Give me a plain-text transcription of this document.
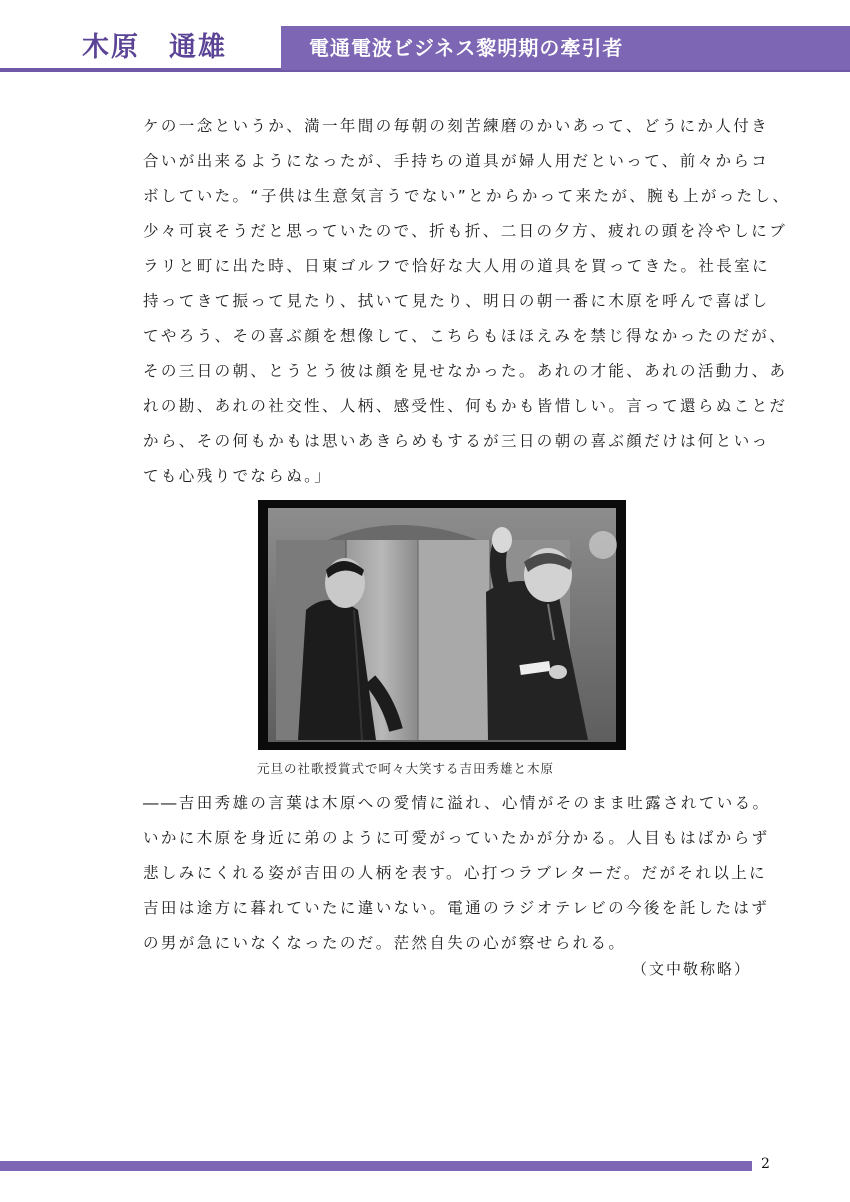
木原　通雄	電通電波ビジネス黎明期の牽引者
ケの一念というか、満一年間の毎朝の刻苦練磨のかいあって、どうにか人付き
合いが出来るようになったが、手持ちの道具が婦人用だといって、前々からコ
ボしていた。“子供は生意気言うでない”とからかって来たが、腕も上がったし、
少々可哀そうだと思っていたので、折も折、二日の夕方、疲れの頭を冷やしにブ
ラリと町に出た時、日東ゴルフで恰好な大人用の道具を買ってきた。社長室に
持ってきて振って見たり、拭いて見たり、明日の朝一番に木原を呼んで喜ばし
てやろう、その喜ぶ顔を想像して、こちらもほほえみを禁じ得なかったのだが、
その三日の朝、とうとう彼は顔を見せなかった。あれの才能、あれの活動力、あ
れの勘、あれの社交性、人柄、感受性、何もかも皆惜しい。言って還らぬことだ
から、その何もかもは思いあきらめもするが三日の朝の喜ぶ顔だけは何といっ
ても心残りでならぬ。」
元旦の社歌授賞式で呵々大笑する吉田秀雄と木原
――吉田秀雄の言葉は木原への愛情に溢れ、心情がそのまま吐露されている。
いかに木原を身近に弟のように可愛がっていたかが分かる。人目もはばからず
悲しみにくれる姿が吉田の人柄を表す。心打つラブレターだ。だがそれ以上に
吉田は途方に暮れていたに違いない。電通のラジオテレビの今後を託したはず
の男が急にいなくなったのだ。茫然自失の心が察せられる。
（文中敬称略）
2
